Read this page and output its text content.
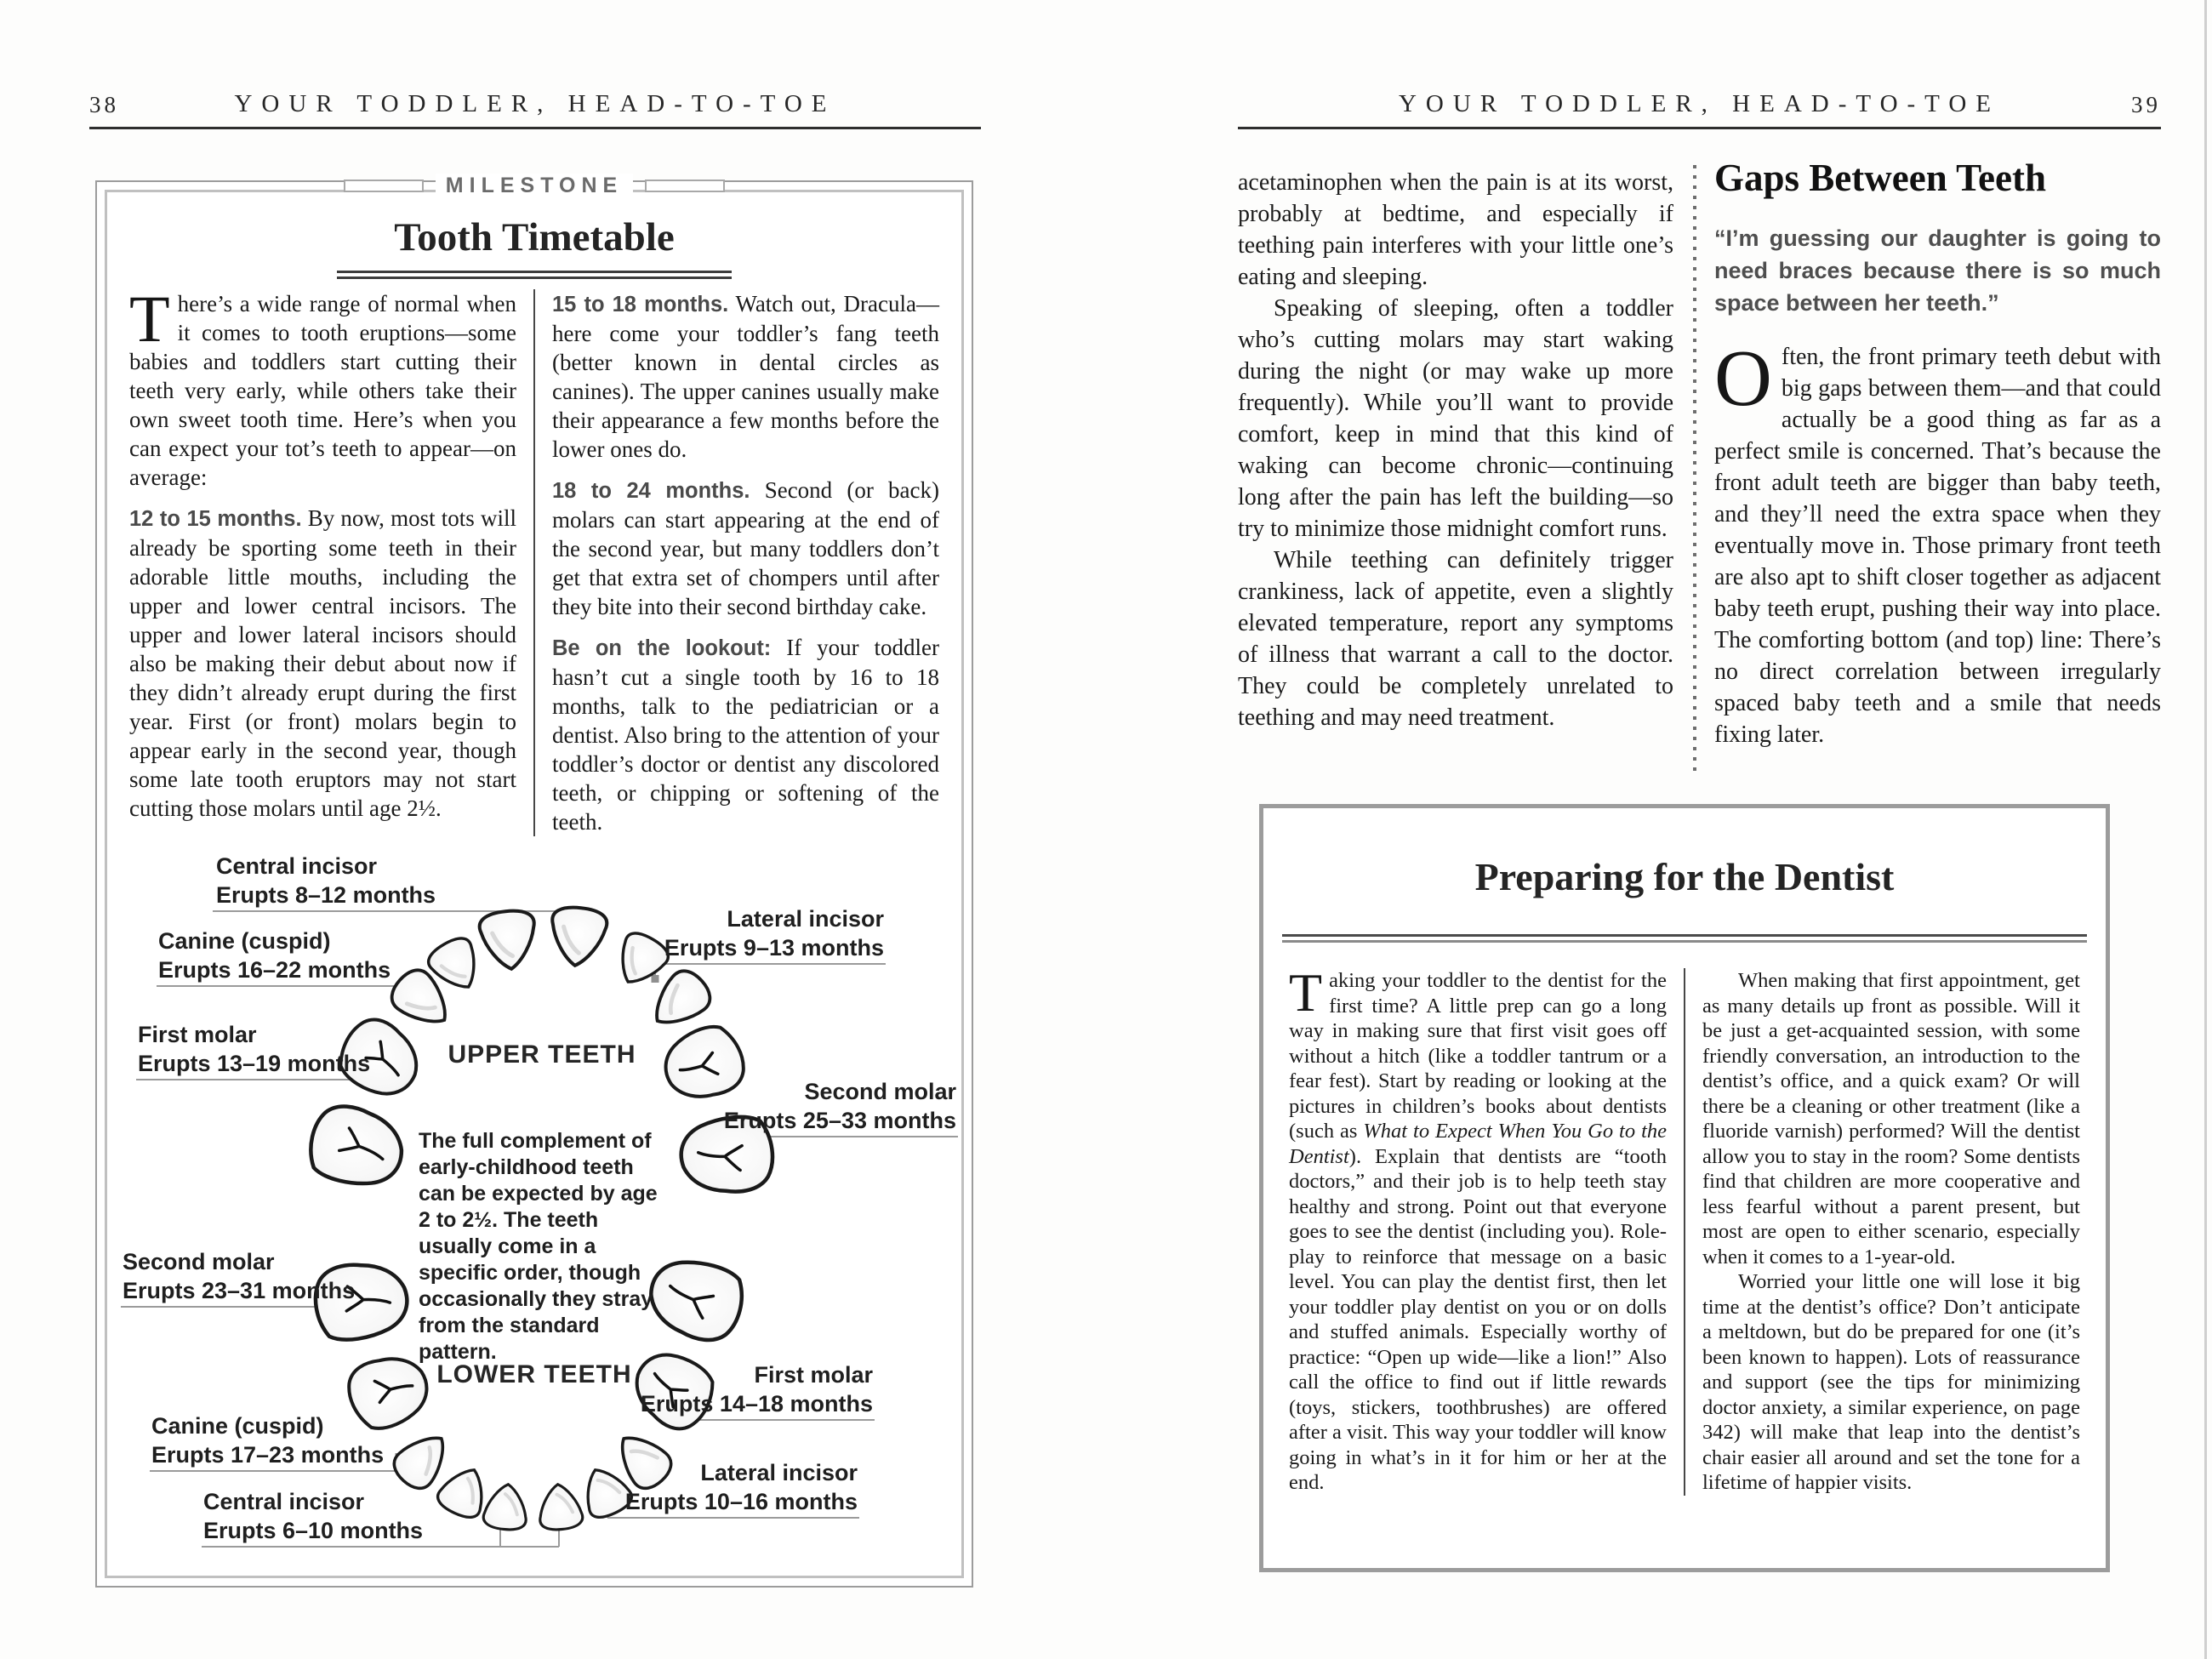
38	YOUR TODDLER, HEAD-TO-TOE
MILESTONE
Tooth Timetable

There’s a wide range of normal when it comes to tooth eruptions—some babies and toddlers start cutting their teeth very early, while others take their own sweet tooth time. Here’s when you can expect your tot’s teeth to appear—on average:

12 to 15 months. By now, most tots will already be sporting some teeth in their adorable little mouths, including the upper and lower central incisors. The upper and lower lateral incisors should also be making their debut about now if they didn’t already erupt during the first year. First (or front) molars begin to appear early in the second year, though some late tooth eruptors may not start cutting those molars until age 2½.

15 to 18 months. Watch out, Dracula—here come your toddler’s fang teeth (better known in dental circles as canines). The upper canines usually make their appearance a few months before the lower ones do.

18 to 24 months. Second (or back) molars can start appearing at the end of the second year, but many toddlers don’t get that extra set of chompers until after they bite into their second birthday cake.

Be on the lookout: If your toddler hasn’t cut a single tooth by 16 to 18 months, talk to the pediatrician or a dentist. Also bring to the attention of your toddler’s doctor or dentist any discolored teeth, or chipping or softening of the teeth.

Central incisor
Erupts 8–12 months
Lateral incisor
Erupts 9–13 months
Canine (cuspid)
Erupts 16–22 months
First molar
Erupts 13–19 months
Second molar
Erupts 25–33 months
Second molar
Erupts 23–31 months
Canine (cuspid)
Erupts 17–23 months
Central incisor
Erupts 6–10 months
Lateral incisor
Erupts 10–16 months
First molar
Erupts 14–18 months
UPPER TEETH
LOWER TEETH
The full complement of early-childhood teeth can be expected by age 2 to 2½. The teeth usually come in a specific order, though occasionally they stray from the standard pattern.
YOUR TODDLER, HEAD-TO-TOE	39

acetaminophen when the pain is at its worst, probably at bedtime, and especially if teething pain interferes with your little one’s eating and sleeping.

Speaking of sleeping, often a toddler who’s cutting molars may start waking during the night (or may wake up more frequently). While you’ll want to provide comfort, keep in mind that this kind of waking can become chronic—continuing long after the pain has left the building—so try to minimize those midnight comfort runs.

While teething can definitely trigger crankiness, lack of appetite, even a slightly elevated temperature, report any symptoms of illness that warrant a call to the doctor. They could be completely unrelated to teething and may need treatment.

Gaps Between Teeth
“I’m guessing our daughter is going to need braces because there is so much space between her teeth.”

Often, the front primary teeth debut with big gaps between them—and that could actually be a good thing as far as a perfect smile is concerned. That’s because the front adult teeth are bigger than baby teeth, and they’ll need the extra space when they eventually move in. Those primary front teeth are also apt to shift closer together as adjacent baby teeth erupt, pushing their way into place. The comforting bottom (and top) line: There’s no direct correlation between irregularly spaced baby teeth and a smile that needs fixing later.

Preparing for the Dentist

Taking your toddler to the dentist for the first time? A little prep can go a long way in making sure that first visit goes off without a hitch (like a toddler tantrum or a fear fest). Start by reading or looking at the pictures in children’s books about dentists (such as What to Expect When You Go to the Dentist). Explain that dentists are “tooth doctors,” and their job is to help teeth stay healthy and strong. Point out that everyone goes to see the dentist (including you). Role-play to reinforce that message on a basic level. You can play the dentist first, then let your toddler play dentist on you or on dolls and stuffed animals. Especially worthy of practice: “Open up wide—like a lion!” Also call the office to find out if little rewards (toys, stickers, toothbrushes) are offered after a visit. This way your toddler will know going in what’s in it for him or her at the end.

When making that first appointment, get as many details up front as possible. Will it be just a get-acquainted session, with some friendly conversation, an introduction to the dentist’s office, and a quick exam? Or will there be a cleaning or other treatment (like a fluoride varnish) performed? Will the dentist allow you to stay in the room? Some dentists find that children are more cooperative and less fearful without a parent present, but most are open to either scenario, especially when it comes to a 1-year-old.

Worried your little one will lose it big time at the dentist’s office? Don’t anticipate a meltdown, but do be prepared for one (it’s been known to happen). Lots of reassurance and support (see the tips for minimizing doctor anxiety, a similar experience, on page 342) will make that leap into the dentist’s chair easier all around and set the tone for a lifetime of happier visits.
